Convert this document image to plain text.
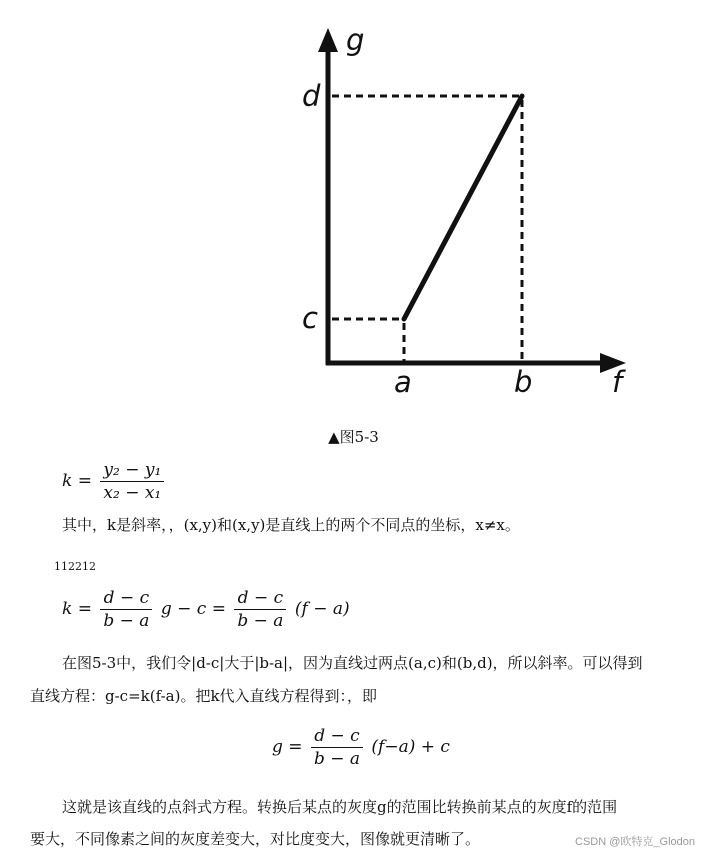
g
f
d
c
a	b
▲图5-3
$k = \frac{\text{y₂ − y₁}}{\text{x₂ − x₁}}$
其中，k是斜率，，(x,y)和(x,y)是直线上的两个不同点的坐标，x≠x。
112212
$k = \frac{d - c}{b - a}$ $g - c = \frac{d - c}{b - a} (f - a)$
在图5-3中，我们令|d-c|大于|b-a|，因为直线过两点(a,c)和(b,d)，所以斜率。可以得到
直线方程：g-c=k(f-a)。把k代入直线方程得到：，即
$g = \frac{d - c}{b - a} (f-a) + c$
这就是该直线的点斜式方程。转换后某点的灰度g的范围比转换前某点的灰度f的范围
要大，不同像素之间的灰度差变大，对比度变大，图像就更清晰了。	CSDN @欧特克_Glodon
